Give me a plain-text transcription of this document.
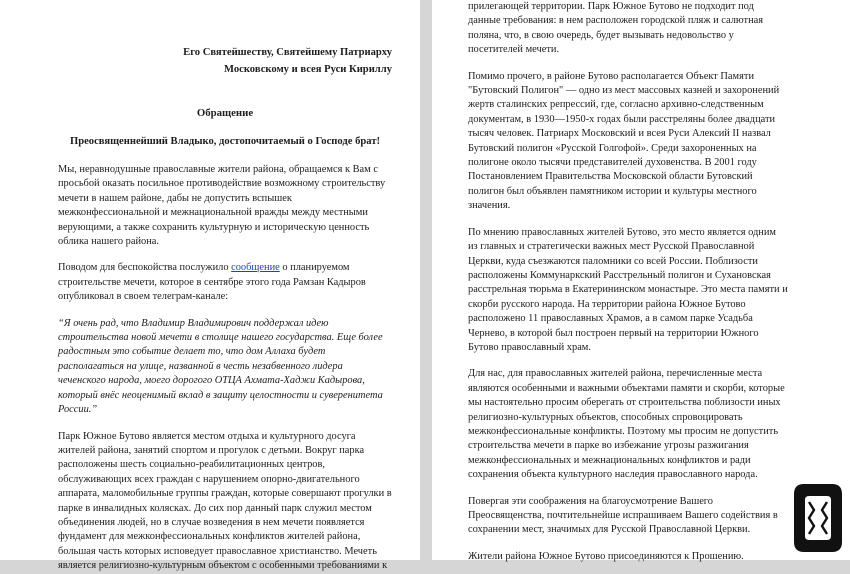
Его Святейшеству, Святейшему Патриарху
Московскому и всея Руси Кириллу
Обращение
Преосвященнейший Владыко, достопочитаемый о Господе брат!

Мы, неравнодушные православные жители района, обращаемся к Вам с просьбой оказать посильное противодействие возможному строительству мечети в нашем районе, дабы не допустить вспышек межконфессиональной и межнациональной вражды между местными верующими, а также сохранить культурную и историческую ценность облика нашего района.

Поводом для беспокойства послужило сообщение о планируемом строительстве мечети, которое в сентябре этого года Рамзан Кадыров опубликовал в своем телеграм-канале:

“Я очень рад, что Владимир Владимирович поддержал идею строительства новой мечети в столице нашего государства. Еще более радостным это событие делает то, что дом Аллаха будет располагаться на улице, названной в честь незабвенного лидера чеченского народа, моего дорогого ОТЦА Ахмата-Хаджи Кадырова, который внёс неоценимый вклад в защиту целостности и суверенитета России.”

Парк Южное Бутово является местом отдыха и культурного досуга жителей района, занятий спортом и прогулок с детьми. Вокруг парка расположены шесть социально-реабилитационных центров, обслуживающих всех граждан с нарушением опорно-двигательного аппарата, маломобильные группы граждан, которые совершают прогулки в парке в инвалидных колясках. До сих пор данный парк служил местом объединения людей, но в случае возведения в нем мечети появляется фундамент для межконфессиональных конфликтов жителей района, большая часть которых исповедует православное христианство. Мечеть является религиозно-культурным объектом с особенными требованиями к

прилегающей территории. Парк Южное Бутово не подходит под данные требования: в нем расположен городской пляж и салютная поляна, что, в свою очередь, будет вызывать недовольство у посетителей мечети.

Помимо прочего, в районе Бутово располагается Объект Памяти "Бутовский Полигон" — одно из мест массовых казней и захоронений жертв сталинских репрессий, где, согласно архивно-следственным документам, в 1930—1950-х годах были расстреляны более двадцати тысяч человек. Патриарх Московский и всея Руси Алексий II назвал Бутовский полигон «Русской Голгофой». Среди захороненных на полигоне около тысячи представителей духовенства. В 2001 году Постановлением Правительства Московской области Бутовский полигон был объявлен памятником истории и культуры местного значения.

По мнению православных жителей Бутово, это место является одним из главных и стратегически важных мест Русской Православной Церкви, куда съезжаются паломники со всей России. Поблизости расположены Коммунаркский Расстрельный полигон и Сухановская расстрельная тюрьма в Екатерининском монастыре. Это места памяти и скорби русского народа. На территории района Южное Бутово расположено 11 православных Храмов, а в самом парке Усадьба Чернево, в которой был построен первый на территории Южного Бутово православный храм.

Для нас, для православных жителей района, перечисленные места являются особенными и важными объектами памяти и скорби, которые мы настоятельно просим оберегать от строительства поблизости иных религиозно-культурных объектов, способных спровоцировать межконфессиональные конфликты. Поэтому мы просим не допустить строительства мечети в парке во избежание угрозы разжигания межконфессиональных и межнациональных конфликтов и ради сохранения объекта культурного наследия православного народа.

Повергая эти соображения на благоусмотрение Вашего Преосвященства, почтительнейше испрашиваем Вашего содействия в сохранении мест, значимых для Русской Православной Церкви.

Жители района Южное Бутово присоединяются к Прошению.
